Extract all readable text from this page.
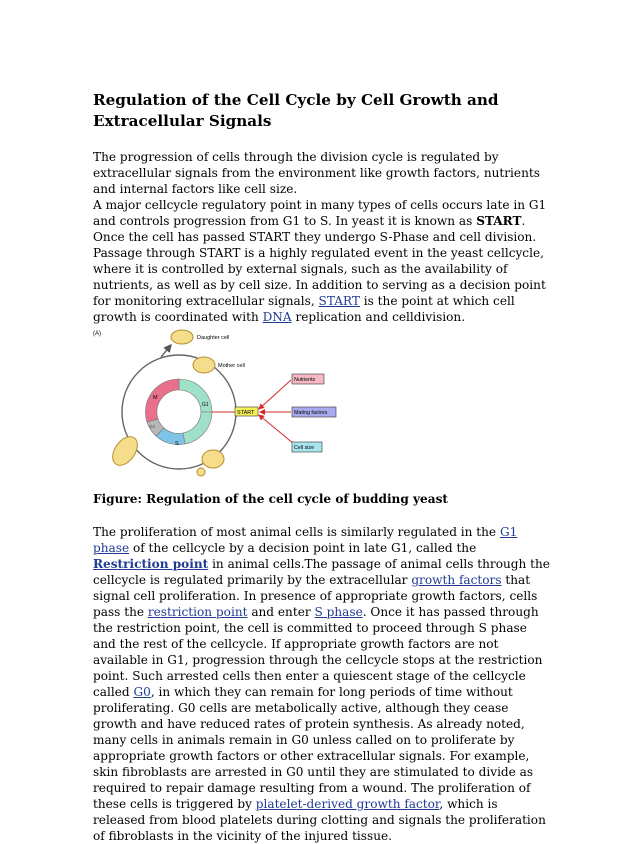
Regulation of the Cell Cycle by Cell Growth and Extracellular Signals

The progression of cells through the division cycle is regulated by extracellular signals from the environment like growth factors, nutrients and internal factors like cell size.

A major cellcycle regulatory point in many types of cells occurs late in G1 and controls progression from G1 to S. In yeast it is known as START. Once the cell has passed START they undergo S-Phase and cell division. Passage through START is a highly regulated event in the yeast cellcycle, where it is controlled by external signals, such as the availability of nutrients, as well as by cell size. In addition to serving as a decision point for monitoring extracellular signals, START is the point at which cell growth is coordinated with DNA replication and celldivision.

(A)
Daughter cell
Mother cell
M
G1
S
G2
START
Nutrients
Mating factors
Cell size

Figure: Regulation of the cell cycle of budding yeast

The proliferation of most animal cells is similarly regulated in the G1 phase of the cellcycle by a decision point in late G1, called the Restriction point in animal cells.The passage of animal cells through the cellcycle is regulated primarily by the extracellular growth factors that signal cell proliferation. In presence of appropriate growth factors, cells pass the restriction point and enter S phase. Once it has passed through the restriction point, the cell is committed to proceed through S phase and the rest of the cellcycle. If appropriate growth factors are not available in G1, progression through the cellcycle stops at the restriction point. Such arrested cells then enter a quiescent stage of the cellcycle called G0, in which they can remain for long periods of time without proliferating. G0 cells are metabolically active, although they cease growth and have reduced rates of protein synthesis. As already noted, many cells in animals remain in G0 unless called on to proliferate by appropriate growth factors or other extracellular signals. For example, skin fibroblasts are arrested in G0 until they are stimulated to divide as required to repair damage resulting from a wound. The proliferation of these cells is triggered by platelet-derived growth factor, which is released from blood platelets during clotting and signals the proliferation of fibroblasts in the vicinity of the injured tissue.
